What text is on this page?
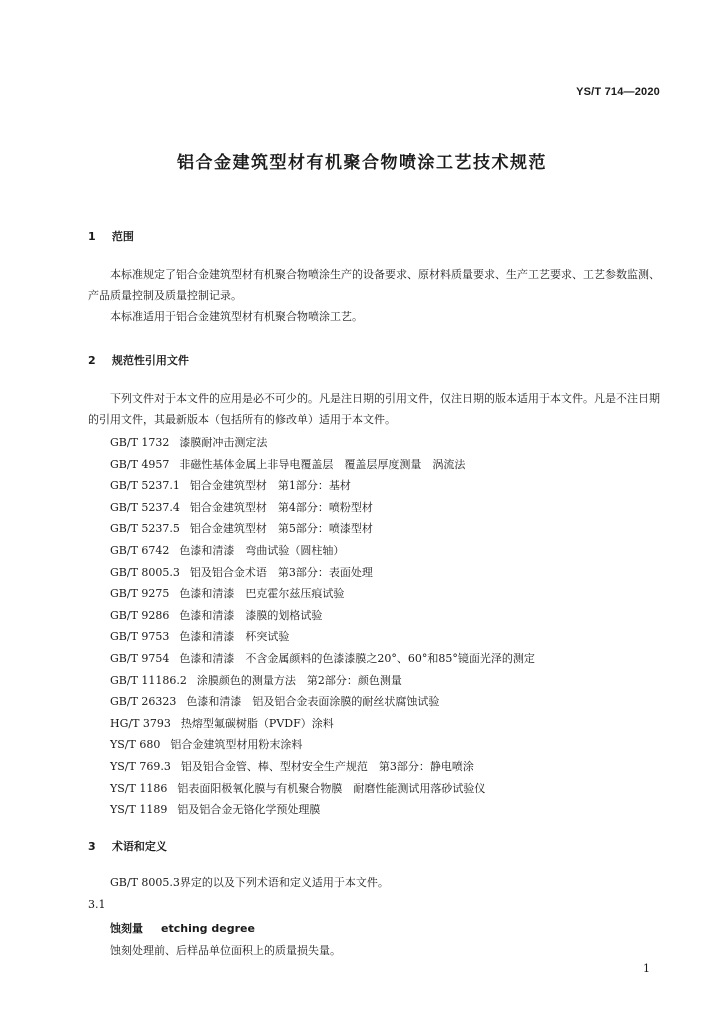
YS/T 714—2020
铝合金建筑型材有机聚合物喷涂工艺技术规范
1 范围
本标准规定了铝合金建筑型材有机聚合物喷涂生产的设备要求、原材料质量要求、生产工艺要求、工艺参数监测、产品质量控制及质量控制记录。
本标准适用于铝合金建筑型材有机聚合物喷涂工艺。
2 规范性引用文件
下列文件对于本文件的应用是必不可少的。凡是注日期的引用文件，仅注日期的版本适用于本文件。凡是不注日期的引用文件，其最新版本（包括所有的修改单）适用于本文件。
GB/T 1732 漆膜耐冲击测定法
GB/T 4957 非磁性基体金属上非导电覆盖层　覆盖层厚度测量　涡流法
GB/T 5237.1 铝合金建筑型材　第1部分：基材
GB/T 5237.4 铝合金建筑型材　第4部分：喷粉型材
GB/T 5237.5 铝合金建筑型材　第5部分：喷漆型材
GB/T 6742 色漆和清漆　弯曲试验（圆柱轴）
GB/T 8005.3 铝及铝合金术语　第3部分：表面处理
GB/T 9275 色漆和清漆　巴克霍尔兹压痕试验
GB/T 9286 色漆和清漆　漆膜的划格试验
GB/T 9753 色漆和清漆　杯突试验
GB/T 9754 色漆和清漆　不含金属颜料的色漆漆膜之20°、60°和85°镜面光泽的测定
GB/T 11186.2 涂膜颜色的测量方法　第2部分：颜色测量
GB/T 26323 色漆和清漆　铝及铝合金表面涂膜的耐丝状腐蚀试验
HG/T 3793 热熔型氟碳树脂（PVDF）涂料
YS/T 680 铝合金建筑型材用粉末涂料
YS/T 769.3 铝及铝合金管、棒、型材安全生产规范　第3部分：静电喷涂
YS/T 1186 铝表面阳极氧化膜与有机聚合物膜　耐磨性能测试用落砂试验仪
YS/T 1189 铝及铝合金无铬化学预处理膜
3 术语和定义
GB/T 8005.3界定的以及下列术语和定义适用于本文件。
3.1
蚀刻量 etching degree
蚀刻处理前、后样品单位面积上的质量损失量。
1
